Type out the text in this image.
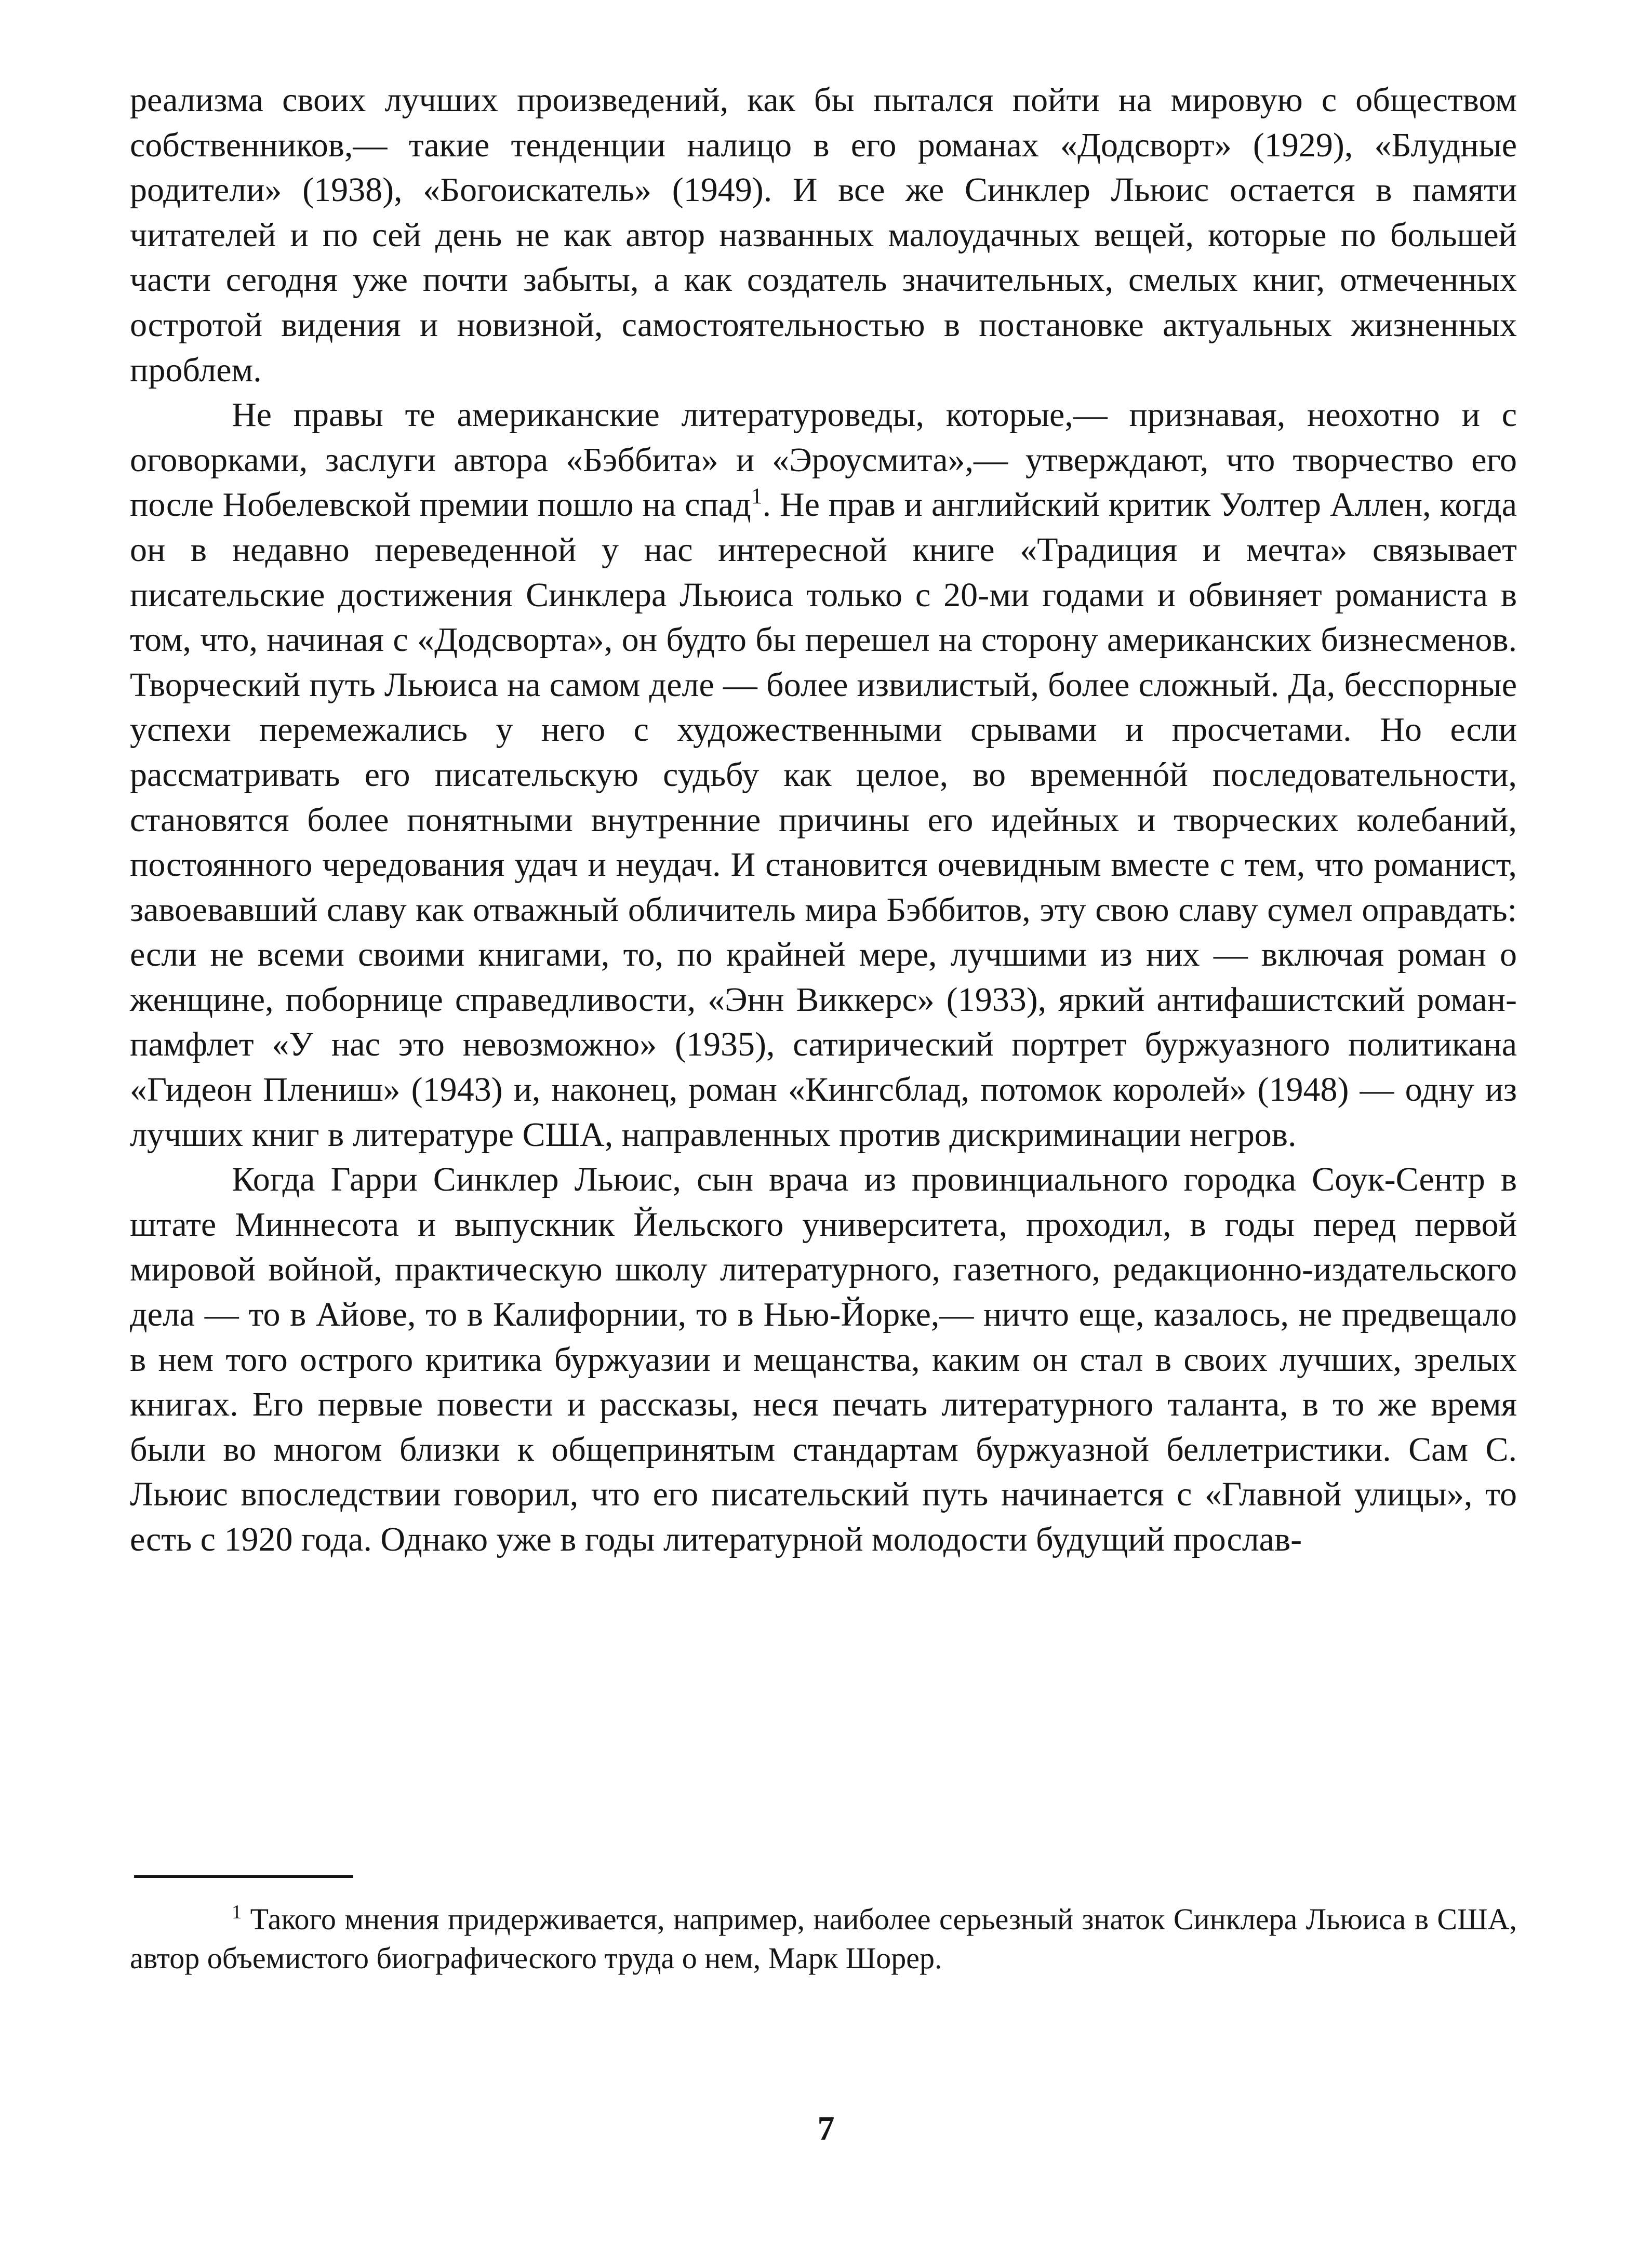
реализма своих лучших произведений, как бы пытался пойти на мировую с обществом собственников,— такие тенденции налицо в его романах «Додсворт» (1929), «Блудные родители» (1938), «Богоискатель» (1949). И все же Синклер Льюис остается в памяти читателей и по сей день не как автор названных малоудачных вещей, которые по большей части сегодня уже почти забыты, а как создатель значительных, смелых книг, отмеченных остротой видения и новизной, самостоятельностью в постановке актуальных жизненных проблем.

Не правы те американские литературоведы, которые,— признавая, неохотно и с оговорками, заслуги автора «Бэббита» и «Эроусмита»,— утверждают, что творчество его после Нобелевской премии пошло на спад$^1$. Не прав и английский критик Уолтер Аллен, когда он в недавно переведенной у нас интересной книге «Традиция и мечта» связывает писательские достижения Синклера Льюиса только с 20-ми годами и обвиняет романиста в том, что, начиная с «Додсворта», он будто бы перешел на сторону американских бизнесменов. Творческий путь Льюиса на самом деле — более извилистый, более сложный. Да, бесспорные успехи перемежались у него с художественными срывами и просчетами. Но если рассматривать его писательскую судьбу как целое, во временнóй последовательности, становятся более понятными внутренние причины его идейных и творческих колебаний, постоянного чередования удач и неудач. И становится очевидным вместе с тем, что романист, завоевавший славу как отважный обличитель мира Бэббитов, эту свою славу сумел оправдать: если не всеми своими книгами, то, по крайней мере, лучшими из них — включая роман о женщине, поборнице справедливости, «Энн Виккерс» (1933), яркий антифашистский роман-памфлет «У нас это невозможно» (1935), сатирический портрет буржуазного политикана «Гидеон Плениш» (1943) и, наконец, роман «Кингсблад, потомок королей» (1948) — одну из лучших книг в литературе США, направленных против дискриминации негров.

Когда Гарри Синклер Льюис, сын врача из провинциального городка Соук-Сентр в штате Миннесота и выпускник Йельского университета, проходил, в годы перед первой мировой войной, практическую школу литературного, газетного, редакционно-издательского дела — то в Айове, то в Калифорнии, то в Нью-Йорке,— ничто еще, казалось, не предвещало в нем того острого критика буржуазии и мещанства, каким он стал в своих лучших, зрелых книгах. Его первые повести и рассказы, неся печать литературного таланта, в то же время были во многом близки к общепринятым стандартам буржуазной беллетристики. Сам С. Льюис впоследствии говорил, что его писательский путь начинается с «Главной улицы», то есть с 1920 года. Однако уже в годы литературной молодости будущий прослав-

$^1$ Такого мнения придерживается, например, наиболее серьезный знаток Синклера Льюиса в США, автор объемистого биографического труда о нем, Марк Шорер.

7
